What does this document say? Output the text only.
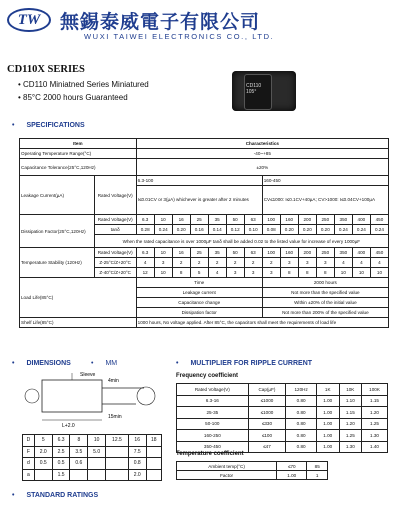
TW	無錫泰威電子有限公司
WUXI TAIWEI ELECTRONICS CO., LTD.
CD110X SERIES
• CD110 Miniatned Series Miniatured
• 85°C 2000 hours Guaranteed
CD110
105°
• SPECIFICATIONS
Item		Characteristics													
Operating Temperature Range(°C)		-40~+85													
Capacitance Tolerance(25°C,120Hz)		±20%													
Leakage Current(µA)	Rated Voltage(V)	6.3-100							160-450						
		I≤0.01CV or 3(µA) whichever is greater after 2 minutes							CV≤1000: I≤0.1CV+40µA; CV>1000: I≤0.04CV+100µA						
Dissipation Factor(25°C,120Hz)	Rated Voltage(V)	6.3	10	16	25	35	50	63	100	160	200	250	350	400	450
	tanδ	0.28	0.24	0.20	0.16	0.14	0.12	0.10	0.08	0.20	0.20	0.20	0.24	0.24	0.24
	When the rated capacitance is over 1000µF tanδ shall be added 0.02 to the listed value for increase of every 1000µF														
Temperature Stability (120Hz)	Rated Voltage(V)	6.3	10	16	25	35	50	63	100	160	200	250	350	400	450
	Z-25°C/Z+20°C	4	3	2	2	2	2	2	2	3	3	3	4	4	4
	Z-40°C/Z+20°C	12	10	8	5	4	3	3	3	8	8	8	10	10	10
Load Life(85°C)		Time							2000 hours						
		Leakage current							Not more than the specified value						
		Capacitance change							Within ±20% of the initial value						
		Dissipation factor							Not more than 200% of the specified value						
Shelf Life(85°C)		1000 hours, No voltage applied. After 85°C, the capacitors shall meet the requirements of load life													
• DIMENSIONS	• MM	• MULTIPLIER FOR RIPPLE CURRENT
Sleeve
L+2.0
15min
4min
D	5	6.3	8	10	12.5	16	18
F	2.0	2.5	3.5	5.0		7.5	
d	0.5	0.5	0.6			0.8	
a		1.5				2.0	
Frequency coefficient
Rated Voltage(V)	Cap(µF)	120Hz	1K	10K	100K
6.3-16	≤1000	0.80	1.00	1.10	1.15
25-35	≤1000	0.80	1.00	1.15	1.20
50-100	≤330	0.80	1.00	1.20	1.25
160-250	≤100	0.80	1.00	1.25	1.30
350-450	≤47	0.80	1.00	1.30	1.40
Temperature coefficient
Ambient temp(°C)	≤70	85
Factor	1.00	1
• STANDARD RATINGS
